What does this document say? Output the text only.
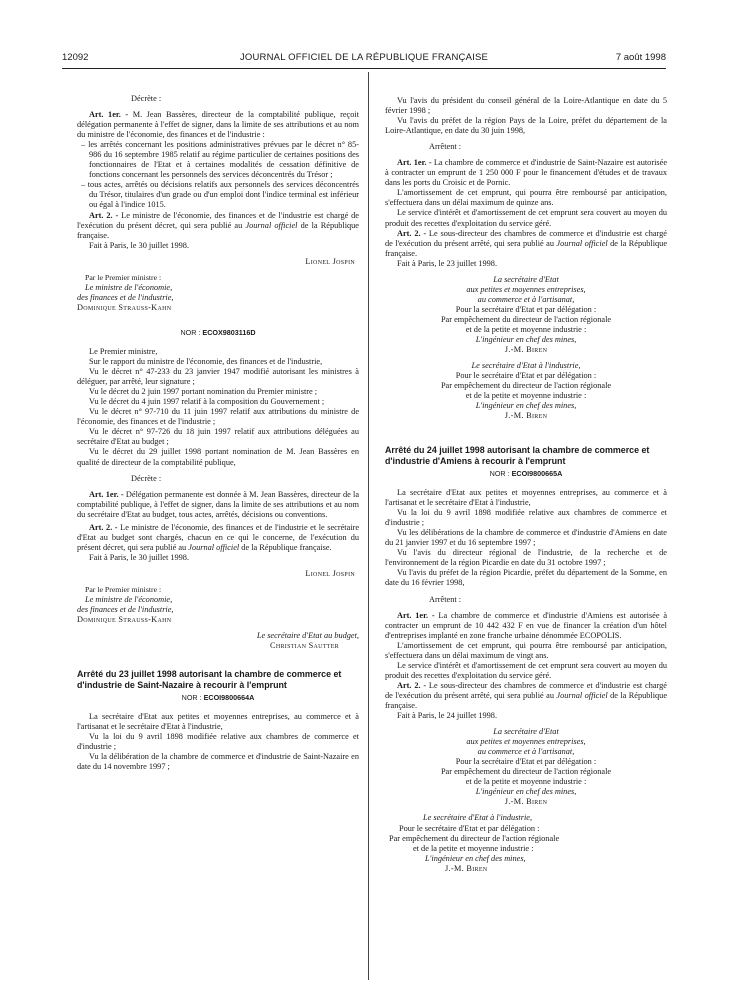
12092	JOURNAL OFFICIEL DE LA RÉPUBLIQUE FRANÇAISE	7 août 1998

Décrète :

Art. 1er. - M. Jean Bassères, directeur de la comptabilité publique, reçoit délégation permanente à l'effet de signer, dans la limite de ses attributions et au nom du ministre de l'économie, des finances et de l'industrie :

– les arrêtés concernant les positions administratives prévues par le décret n° 85-986 du 16 septembre 1985 relatif au régime particulier de certaines positions des fonctionnaires de l'Etat et à certaines modalités de cessation définitive de fonctions concernant les personnels des services déconcentrés du Trésor ;

– tous actes, arrêtés ou décisions relatifs aux personnels des services déconcentrés du Trésor, titulaires d'un grade ou d'un emploi dont l'indice terminal est inférieur ou égal à l'indice 1015.

Art. 2. - Le ministre de l'économie, des finances et de l'industrie est chargé de l'exécution du présent décret, qui sera publié au Journal officiel de la République française.

Fait à Paris, le 30 juillet 1998.

Lionel Jospin

Par le Premier ministre :

Le ministre de l'économie,

des finances et de l'industrie,

Dominique Strauss-Kahn

NOR : ECOX9803116D

Le Premier ministre,

Sur le rapport du ministre de l'économie, des finances et de l'industrie,

Vu le décret n° 47-233 du 23 janvier 1947 modifié autorisant les ministres à déléguer, par arrêté, leur signature ;

Vu le décret du 2 juin 1997 portant nomination du Premier ministre ;

Vu le décret du 4 juin 1997 relatif à la composition du Gouvernement ;

Vu le décret n° 97-710 du 11 juin 1997 relatif aux attributions du ministre de l'économie, des finances et de l'industrie ;

Vu le décret n° 97-726 du 18 juin 1997 relatif aux attributions déléguées au secrétaire d'Etat au budget ;

Vu le décret du 29 juillet 1998 portant nomination de M. Jean Bassères en qualité de directeur de la comptabilité publique,

Décrète :

Art. 1er. - Délégation permanente est donnée à M. Jean Bassères, directeur de la comptabilité publique, à l'effet de signer, dans la limite de ses attributions et au nom du secrétaire d'Etat au budget, tous actes, arrêtés, décisions ou conventions.

Art. 2. - Le ministre de l'économie, des finances et de l'industrie et le secrétaire d'Etat au budget sont chargés, chacun en ce qui le concerne, de l'exécution du présent décret, qui sera publié au Journal officiel de la République française.

Fait à Paris, le 30 juillet 1998.

Lionel Jospin

Par le Premier ministre :

Le ministre de l'économie,

des finances et de l'industrie,

Dominique Strauss-Kahn

Le secrétaire d'Etat au budget,

Christian Sautter

Arrêté du 23 juillet 1998 autorisant la chambre de commerce et d'industrie de Saint-Nazaire à recourir à l'emprunt

NOR : ECOI9800664A

La secrétaire d'Etat aux petites et moyennes entreprises, au commerce et à l'artisanat et le secrétaire d'Etat à l'industrie,

Vu la loi du 9 avril 1898 modifiée relative aux chambres de commerce et d'industrie ;

Vu la délibération de la chambre de commerce et d'industrie de Saint-Nazaire en date du 14 novembre 1997 ;

Vu l'avis du président du conseil général de la Loire-Atlantique en date du 5 février 1998 ;

Vu l'avis du préfet de la région Pays de la Loire, préfet du département de la Loire-Atlantique, en date du 30 juin 1998,

Arrêtent :

Art. 1er. - La chambre de commerce et d'industrie de Saint-Nazaire est autorisée à contracter un emprunt de 1 250 000 F pour le financement d'études et de travaux dans les ports du Croisic et de Pornic.

L'amortissement de cet emprunt, qui pourra être remboursé par anticipation, s'effectuera dans un délai maximum de quinze ans.

Le service d'intérêt et d'amortissement de cet emprunt sera couvert au moyen du produit des recettes d'exploitation du service géré.

Art. 2. - Le sous-directeur des chambres de commerce et d'industrie est chargé de l'exécution du présent arrêté, qui sera publié au Journal officiel de la République française.

Fait à Paris, le 23 juillet 1998.

La secrétaire d'Etat

aux petites et moyennes entreprises,

au commerce et à l'artisanat,

Pour la secrétaire d'Etat et par délégation :

Par empêchement du directeur de l'action régionale

et de la petite et moyenne industrie :

L'ingénieur en chef des mines,

J.-M. Biren

Le secrétaire d'Etat à l'industrie,

Pour le secrétaire d'Etat et par délégation :

Par empêchement du directeur de l'action régionale

et de la petite et moyenne industrie :

L'ingénieur en chef des mines,

J.-M. Biren

Arrêté du 24 juillet 1998 autorisant la chambre de commerce et d'industrie d'Amiens à recourir à l'emprunt

NOR : ECOI9800665A

La secrétaire d'Etat aux petites et moyennes entreprises, au commerce et à l'artisanat et le secrétaire d'Etat à l'industrie,

Vu la loi du 9 avril 1898 modifiée relative aux chambres de commerce et d'industrie ;

Vu les délibérations de la chambre de commerce et d'industrie d'Amiens en date du 21 janvier 1997 et du 16 septembre 1997 ;

Vu l'avis du directeur régional de l'industrie, de la recherche et de l'environnement de la région Picardie en date du 31 octobre 1997 ;

Vu l'avis du préfet de la région Picardie, préfet du département de la Somme, en date du 16 février 1998,

Arrêtent :

Art. 1er. - La chambre de commerce et d'industrie d'Amiens est autorisée à contracter un emprunt de 10 442 432 F en vue de financer la création d'un hôtel d'entreprises implanté en zone franche urbaine dénommée ECOPOLIS.

L'amortissement de cet emprunt, qui pourra être remboursé par anticipation, s'effectuera dans un délai maximum de vingt ans.

Le service d'intérêt et d'amortissement de cet emprunt sera couvert au moyen du produit des recettes d'exploitation du service géré.

Art. 2. - Le sous-directeur des chambres de commerce et d'industrie est chargé de l'exécution du présent arrêté, qui sera publié au Journal officiel de la République française.

Fait à Paris, le 24 juillet 1998.

La secrétaire d'Etat

aux petites et moyennes entreprises,

au commerce et à l'artisanat,

Pour la secrétaire d'Etat et par délégation :

Par empêchement du directeur de l'action régionale

et de la petite et moyenne industrie :

L'ingénieur en chef des mines,

J.-M. Biren

Le secrétaire d'Etat à l'industrie,

Pour le secrétaire d'Etat et par délégation :

Par empêchement du directeur de l'action régionale

et de la petite et moyenne industrie :

L'ingénieur en chef des mines,

J.-M. Biren
